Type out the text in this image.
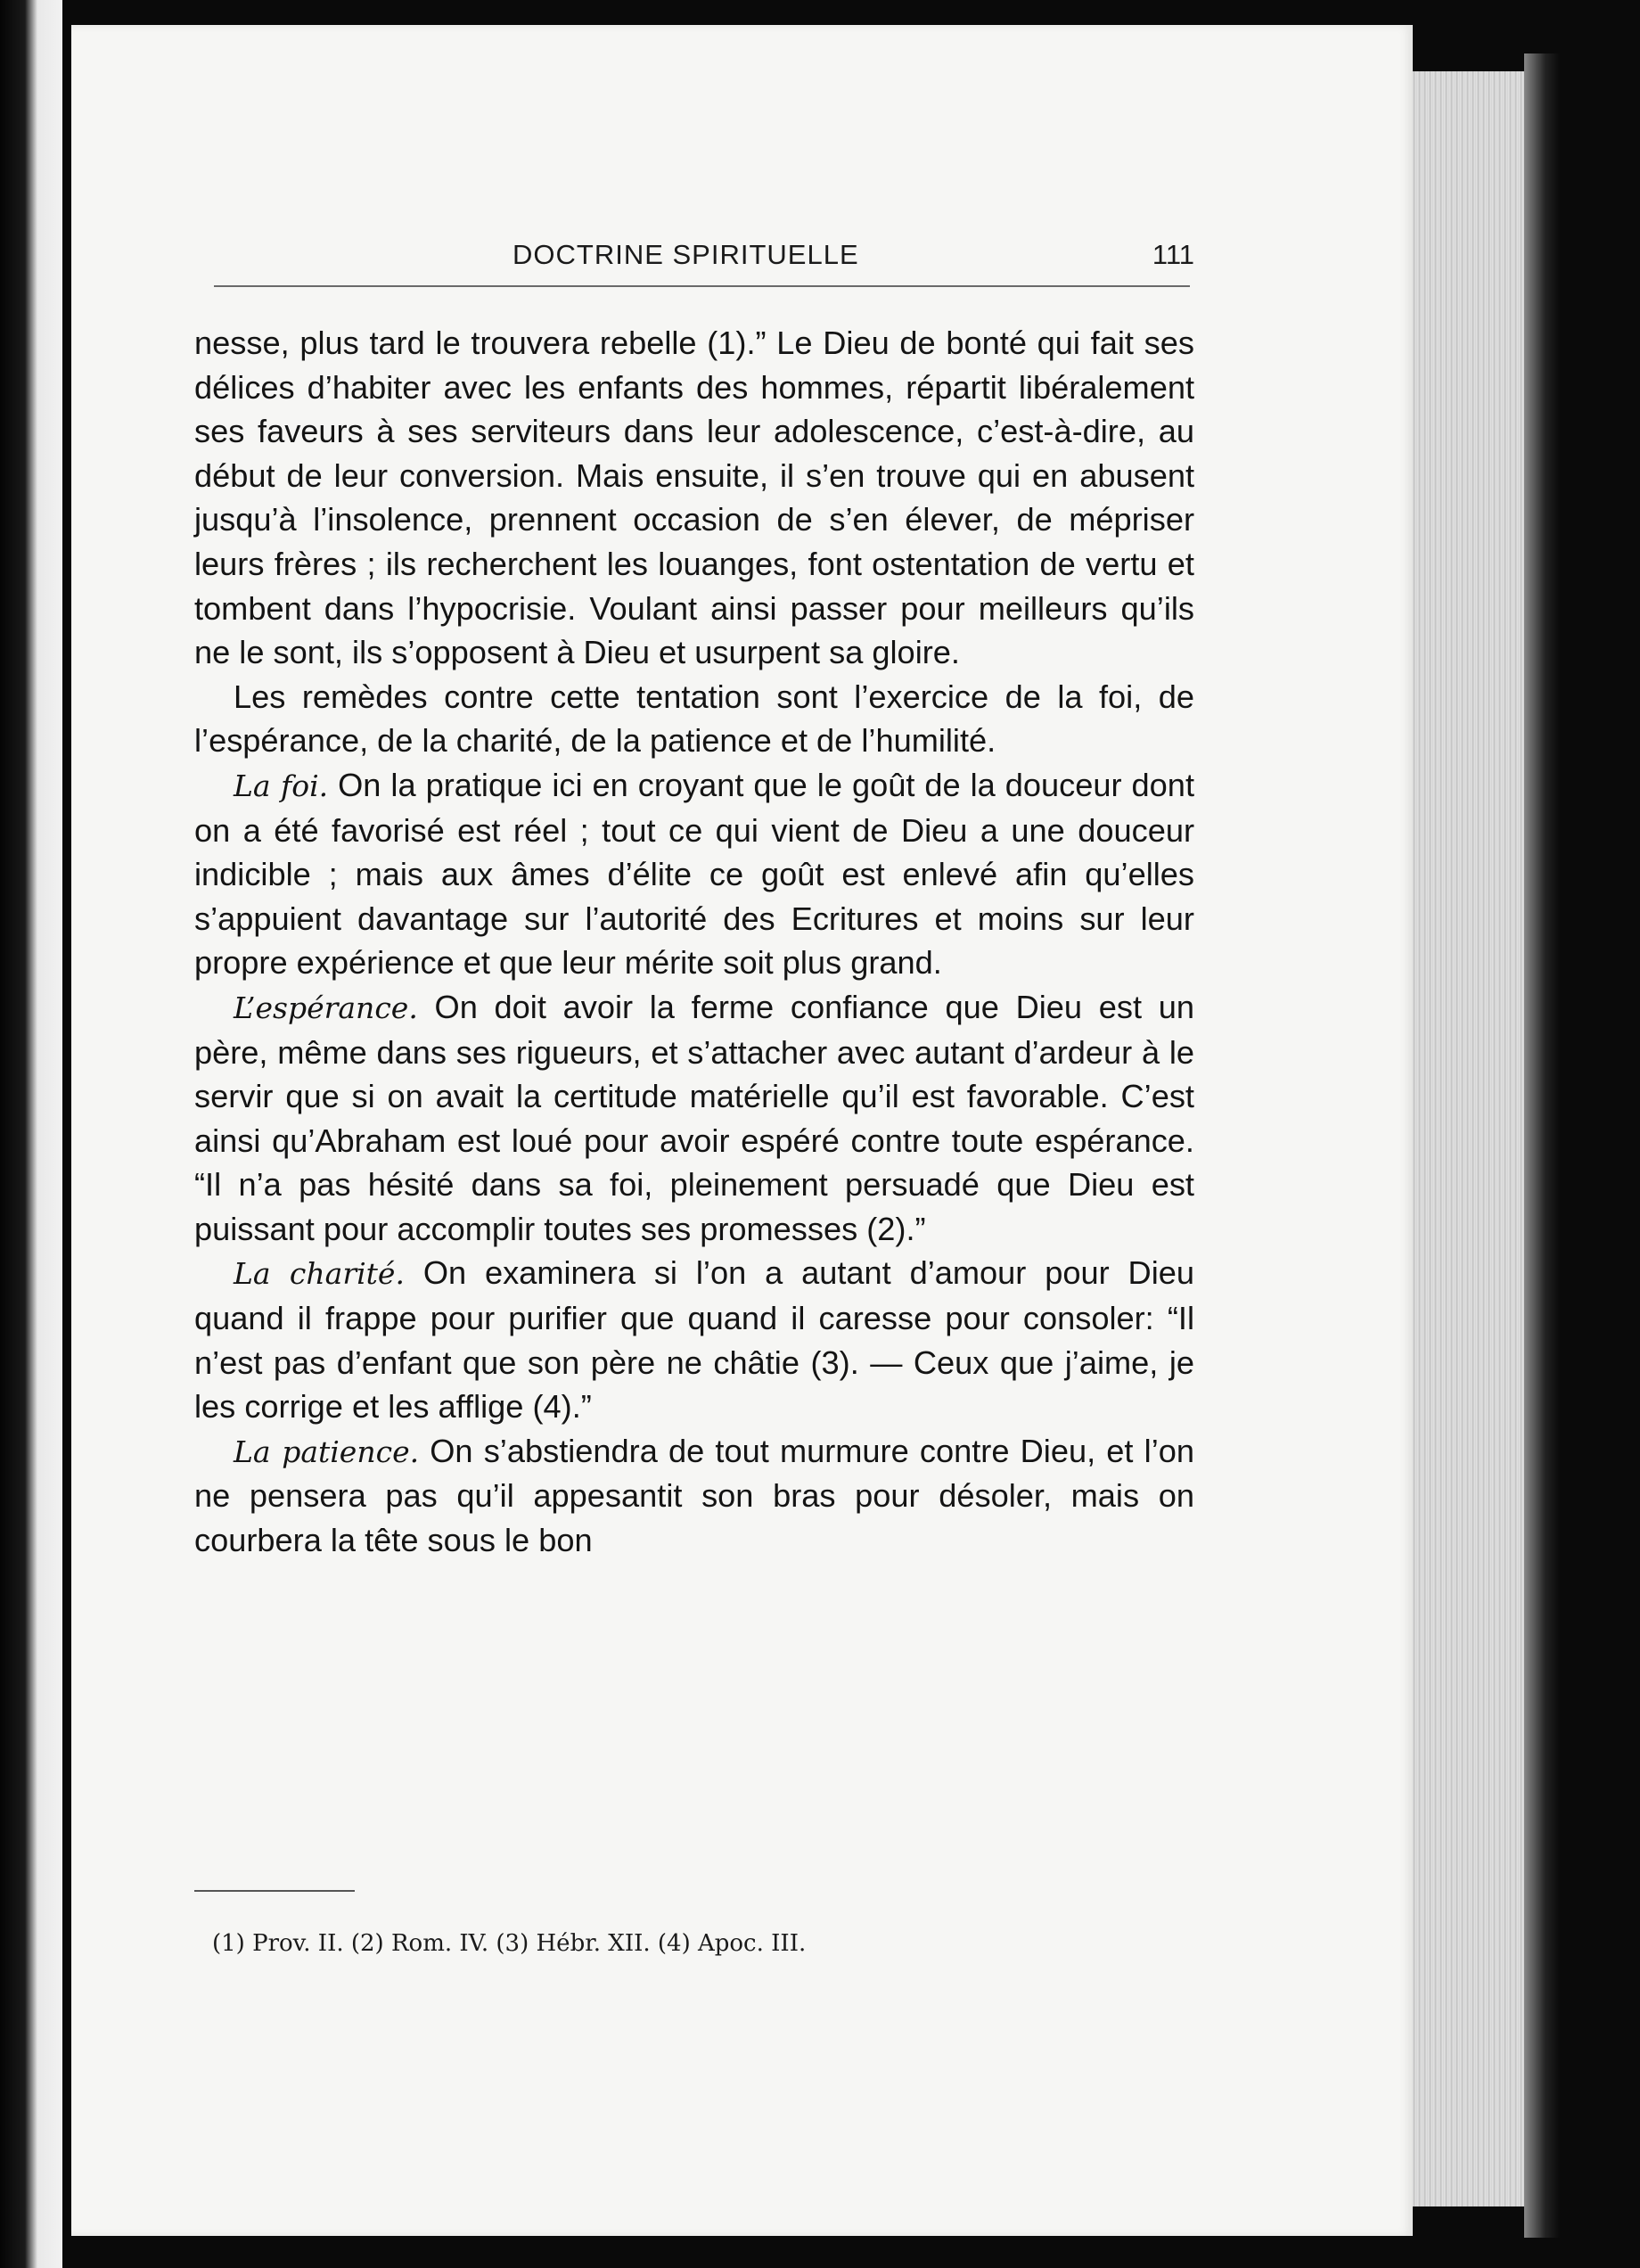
DOCTRINE SPIRITUELLE	111

nesse, plus tard le trouvera rebelle (1).” Le Dieu de bonté qui fait ses délices d’habiter avec les enfants des hommes, répartit libéralement ses faveurs à ses serviteurs dans leur adolescence, c’est-à-dire, au début de leur conversion. Mais ensuite, il s’en trouve qui en abusent jusqu’à l’insolence, prennent occasion de s’en élever, de mépriser leurs frères ; ils recherchent les louanges, font ostentation de vertu et tombent dans l’hypocrisie. Voulant ainsi passer pour meilleurs qu’ils ne le sont, ils s’opposent à Dieu et usurpent sa gloire.

Les remèdes contre cette tentation sont l’exercice de la foi, de l’espérance, de la charité, de la patience et de l’humilité.

La foi. On la pratique ici en croyant que le goût de la douceur dont on a été favorisé est réel ; tout ce qui vient de Dieu a une douceur indicible ; mais aux âmes d’élite ce goût est enlevé afin qu’elles s’appuient davantage sur l’autorité des Ecritures et moins sur leur propre expérience et que leur mérite soit plus grand.

L’espérance. On doit avoir la ferme confiance que Dieu est un père, même dans ses rigueurs, et s’attacher avec autant d’ardeur à le servir que si on avait la certitude matérielle qu’il est favorable. C’est ainsi qu’Abraham est loué pour avoir espéré contre toute espérance. “Il n’a pas hésité dans sa foi, pleinement persuadé que Dieu est puissant pour accomplir toutes ses promesses (2).”

La charité. On examinera si l’on a autant d’amour pour Dieu quand il frappe pour purifier que quand il caresse pour consoler: “Il n’est pas d’enfant que son père ne châtie (3). — Ceux que j’aime, je les corrige et les afflige (4).”

La patience. On s’abstiendra de tout murmure contre Dieu, et l’on ne pensera pas qu’il appesantit son bras pour désoler, mais on courbera la tête sous le bon

(1) Prov. II. (2) Rom. IV. (3) Hébr. XII. (4) Apoc. III.
